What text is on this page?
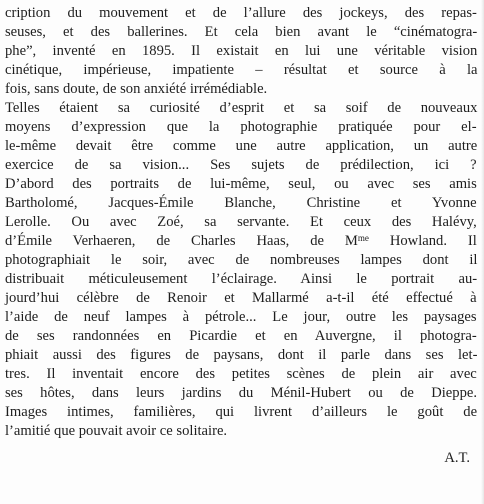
cription du mouvement et de l’allure des jockeys, des repas-
seuses, et des ballerines. Et cela bien avant le “cinématogra-
phe”, inventé en 1895. Il existait en lui une véritable vision
cinétique, impérieuse, impatiente – résultat et source à la
fois, sans doute, de son anxiété irrémédiable.
Telles étaient sa curiosité d’esprit et sa soif de nouveaux
moyens d’expression que la photographie pratiquée pour el-
le-même devait être comme une autre application, un autre
exercice de sa vision... Ses sujets de prédilection, ici ?
D’abord des portraits de lui-même, seul, ou avec ses amis
Bartholomé, Jacques-Émile Blanche, Christine et Yvonne
Lerolle. Ou avec Zoé, sa servante. Et ceux des Halévy,
d’Émile Verhaeren, de Charles Haas, de $M^{me}$ Howland. Il
photographiait le soir, avec de nombreuses lampes dont il
distribuait méticuleusement l’éclairage. Ainsi le portrait au-
jourd’hui célèbre de Renoir et Mallarmé a-t-il été effectué à
l’aide de neuf lampes à pétrole... Le jour, outre les paysages
de ses randonnées en Picardie et en Auvergne, il photogra-
phiait aussi des figures de paysans, dont il parle dans ses let-
tres. Il inventait encore des petites scènes de plein air avec
ses hôtes, dans leurs jardins du Ménil-Hubert ou de Dieppe.
Images intimes, familières, qui livrent d’ailleurs le goût de
l’amitié que pouvait avoir ce solitaire.
A.T.
